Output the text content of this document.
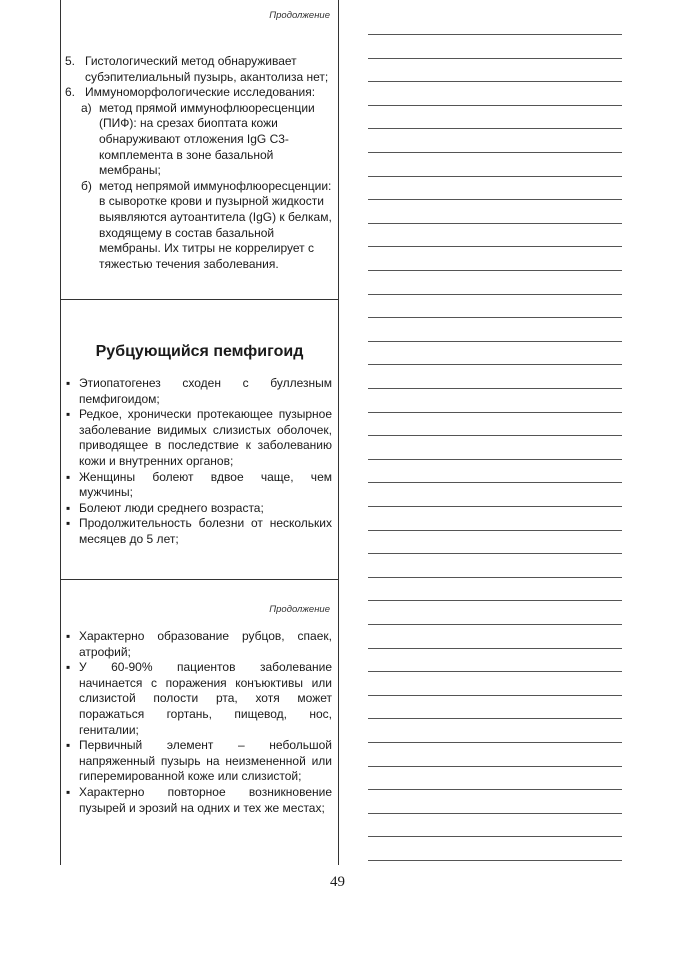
Продолжение
5. Гистологический метод обнаруживает субэпителиальный пузырь, акантолиза нет;
6. Иммуноморфологические исследования:
а) метод прямой иммунофлюоресценции (ПИФ): на срезах биоптата кожи обнаруживают отложения IgG С3-комплемента в зоне базальной мембраны;
б) метод непрямой иммунофлюоресценции: в сыворотке крови и пузырной жидкости выявляются аутоантитела (IgG) к белкам, входящему в состав базальной мембраны. Их титры не коррелирует с тяжестью течения заболевания.
Рубцующийся пемфигоид
▪ Этиопатогенез сходен с буллезным пемфигоидом;
▪ Редкое, хронически протекающее пузырное заболевание видимых слизистых оболочек, приводящее в последствие к заболеванию кожи и внутренних органов;
▪ Женщины болеют вдвое чаще, чем мужчины;
▪ Болеют люди среднего возраста;
▪ Продолжительность болезни от нескольких месяцев до 5 лет;
Продолжение
▪ Характерно образование рубцов, спаек, атрофий;
▪ У 60-90% пациентов заболевание начинается с поражения конъюктивы или слизистой полости рта, хотя может поражаться гортань, пищевод, нос, гениталии;
▪ Первичный элемент – небольшой напряженный пузырь на неизмененной или гиперемированной коже или слизистой;
▪ Характерно повторное возникновение пузырей и эрозий на одних и тех же местах;
49
